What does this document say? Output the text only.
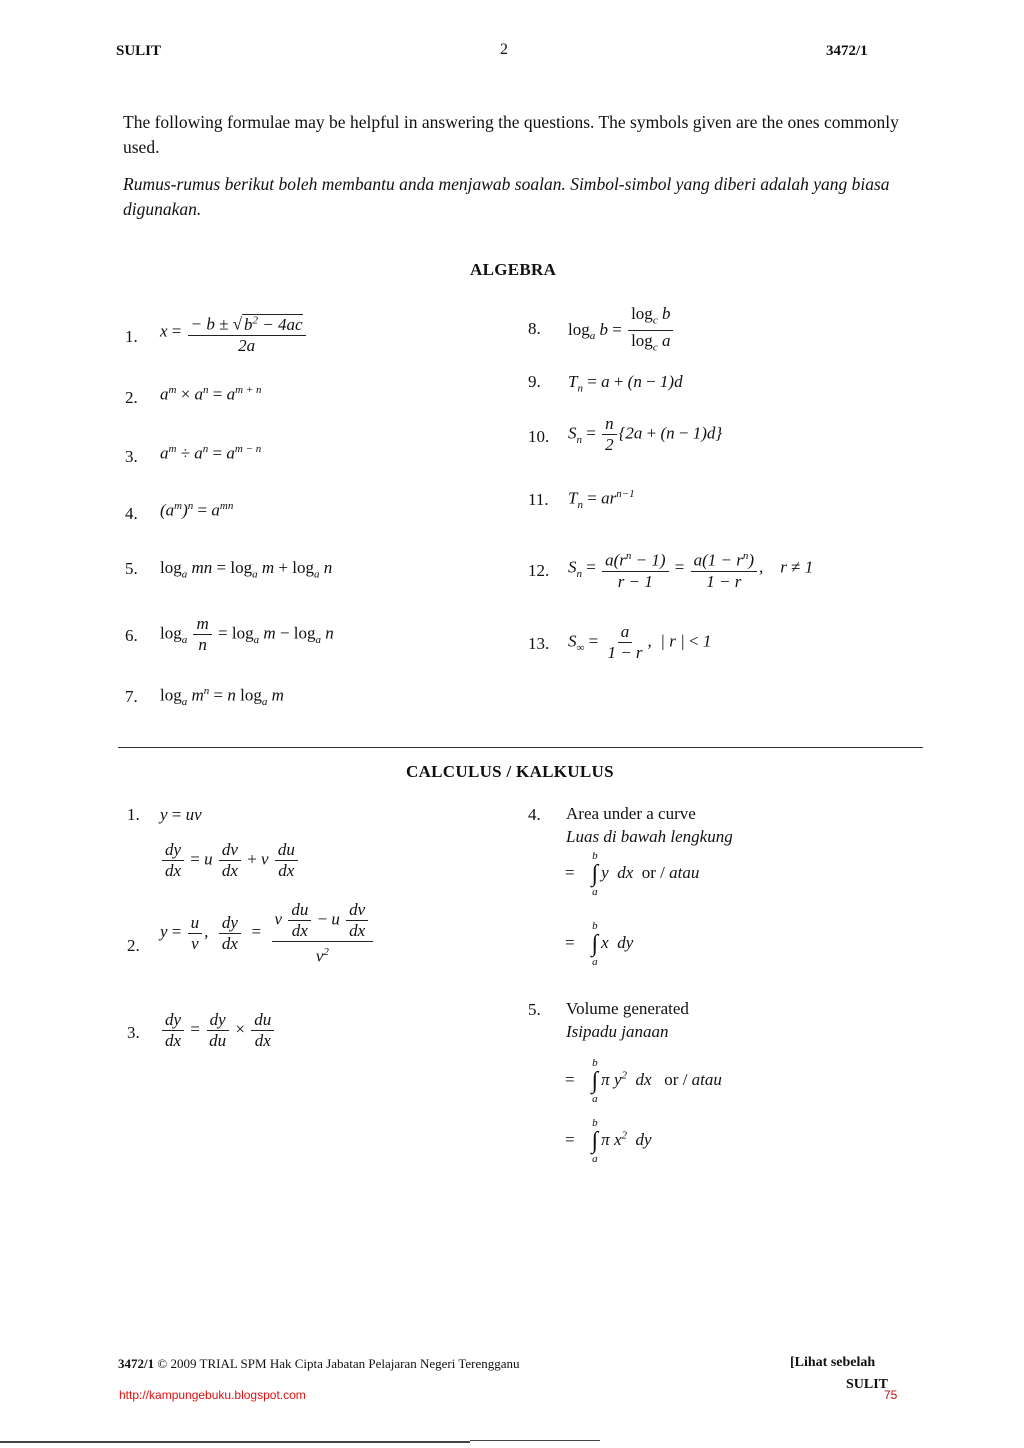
SULIT	2	3472/1
The following formulae may be helpful in answering the questions. The symbols given are the ones commonly used.
Rumus-rumus berikut boleh membantu anda menjawab soalan. Simbol-simbol yang diberi adalah yang biasa digunakan.
ALGEBRA
1. $x = \frac{- b \pm √ b^2 - 4ac}{2a}$
2. $a^m \times a^n = a^{m + n}$
3. $a^m \div a^n = a^{m - n}$
4. $(a^m)^n = a^{mn}$
5. $\log_a$ mn = $\log_a m + \log_a n$
6. $\log_a \frac{m}{n} = \log_a m - \log_a n$
7. $\log_a m^n = n$ $\log_a m$
8. $\log_a b = \frac{\log_c b}{\log_c a}$
9. $T_n = a + (n - 1)d$
10. $S_n = \frac{n}{2} \{2a + (n - 1)d\}$
11. $T_n = ar^{n-1}$
12. $S_n = \frac{a(r^n - 1)}{r - 1} = \frac{a(1 - r^n)}{1 - r}$ ,    r ≠ 1
13. $S_\infty = \frac{a}{1 - r}$ ,  | r | < 1
CALCULUS / KALKULUS
1. y = uv
$\frac{dy}{dx} = u \frac{dv}{dx} + v \frac{du}{dx}$
2.
$y = \frac{u}{v}$ , $\frac{dy}{dx} = \frac{v \frac{du}{dx} - u \frac{dv}{dx}}{v^2}$
3. $\frac{dy}{dx} = \frac{dy}{du} \times \frac{du}{dx}$
4. Area under a curve
Luas di bawah lengkung
=
b
∫
a
y  dx  or / atau
=
b
∫
a
x  dy
5. Volume generated
Isipadu janaan
=
b
∫
a
π $y^2$  dx   or / atau
=
b
∫
a
π $x^2$  dy
3472/1 © 2009 TRIAL SPM Hak Cipta Jabatan Pelajaran Negeri Terengganu	[Lihat sebelah
SULIT
75
http://kampungebuku.blogspot.com
